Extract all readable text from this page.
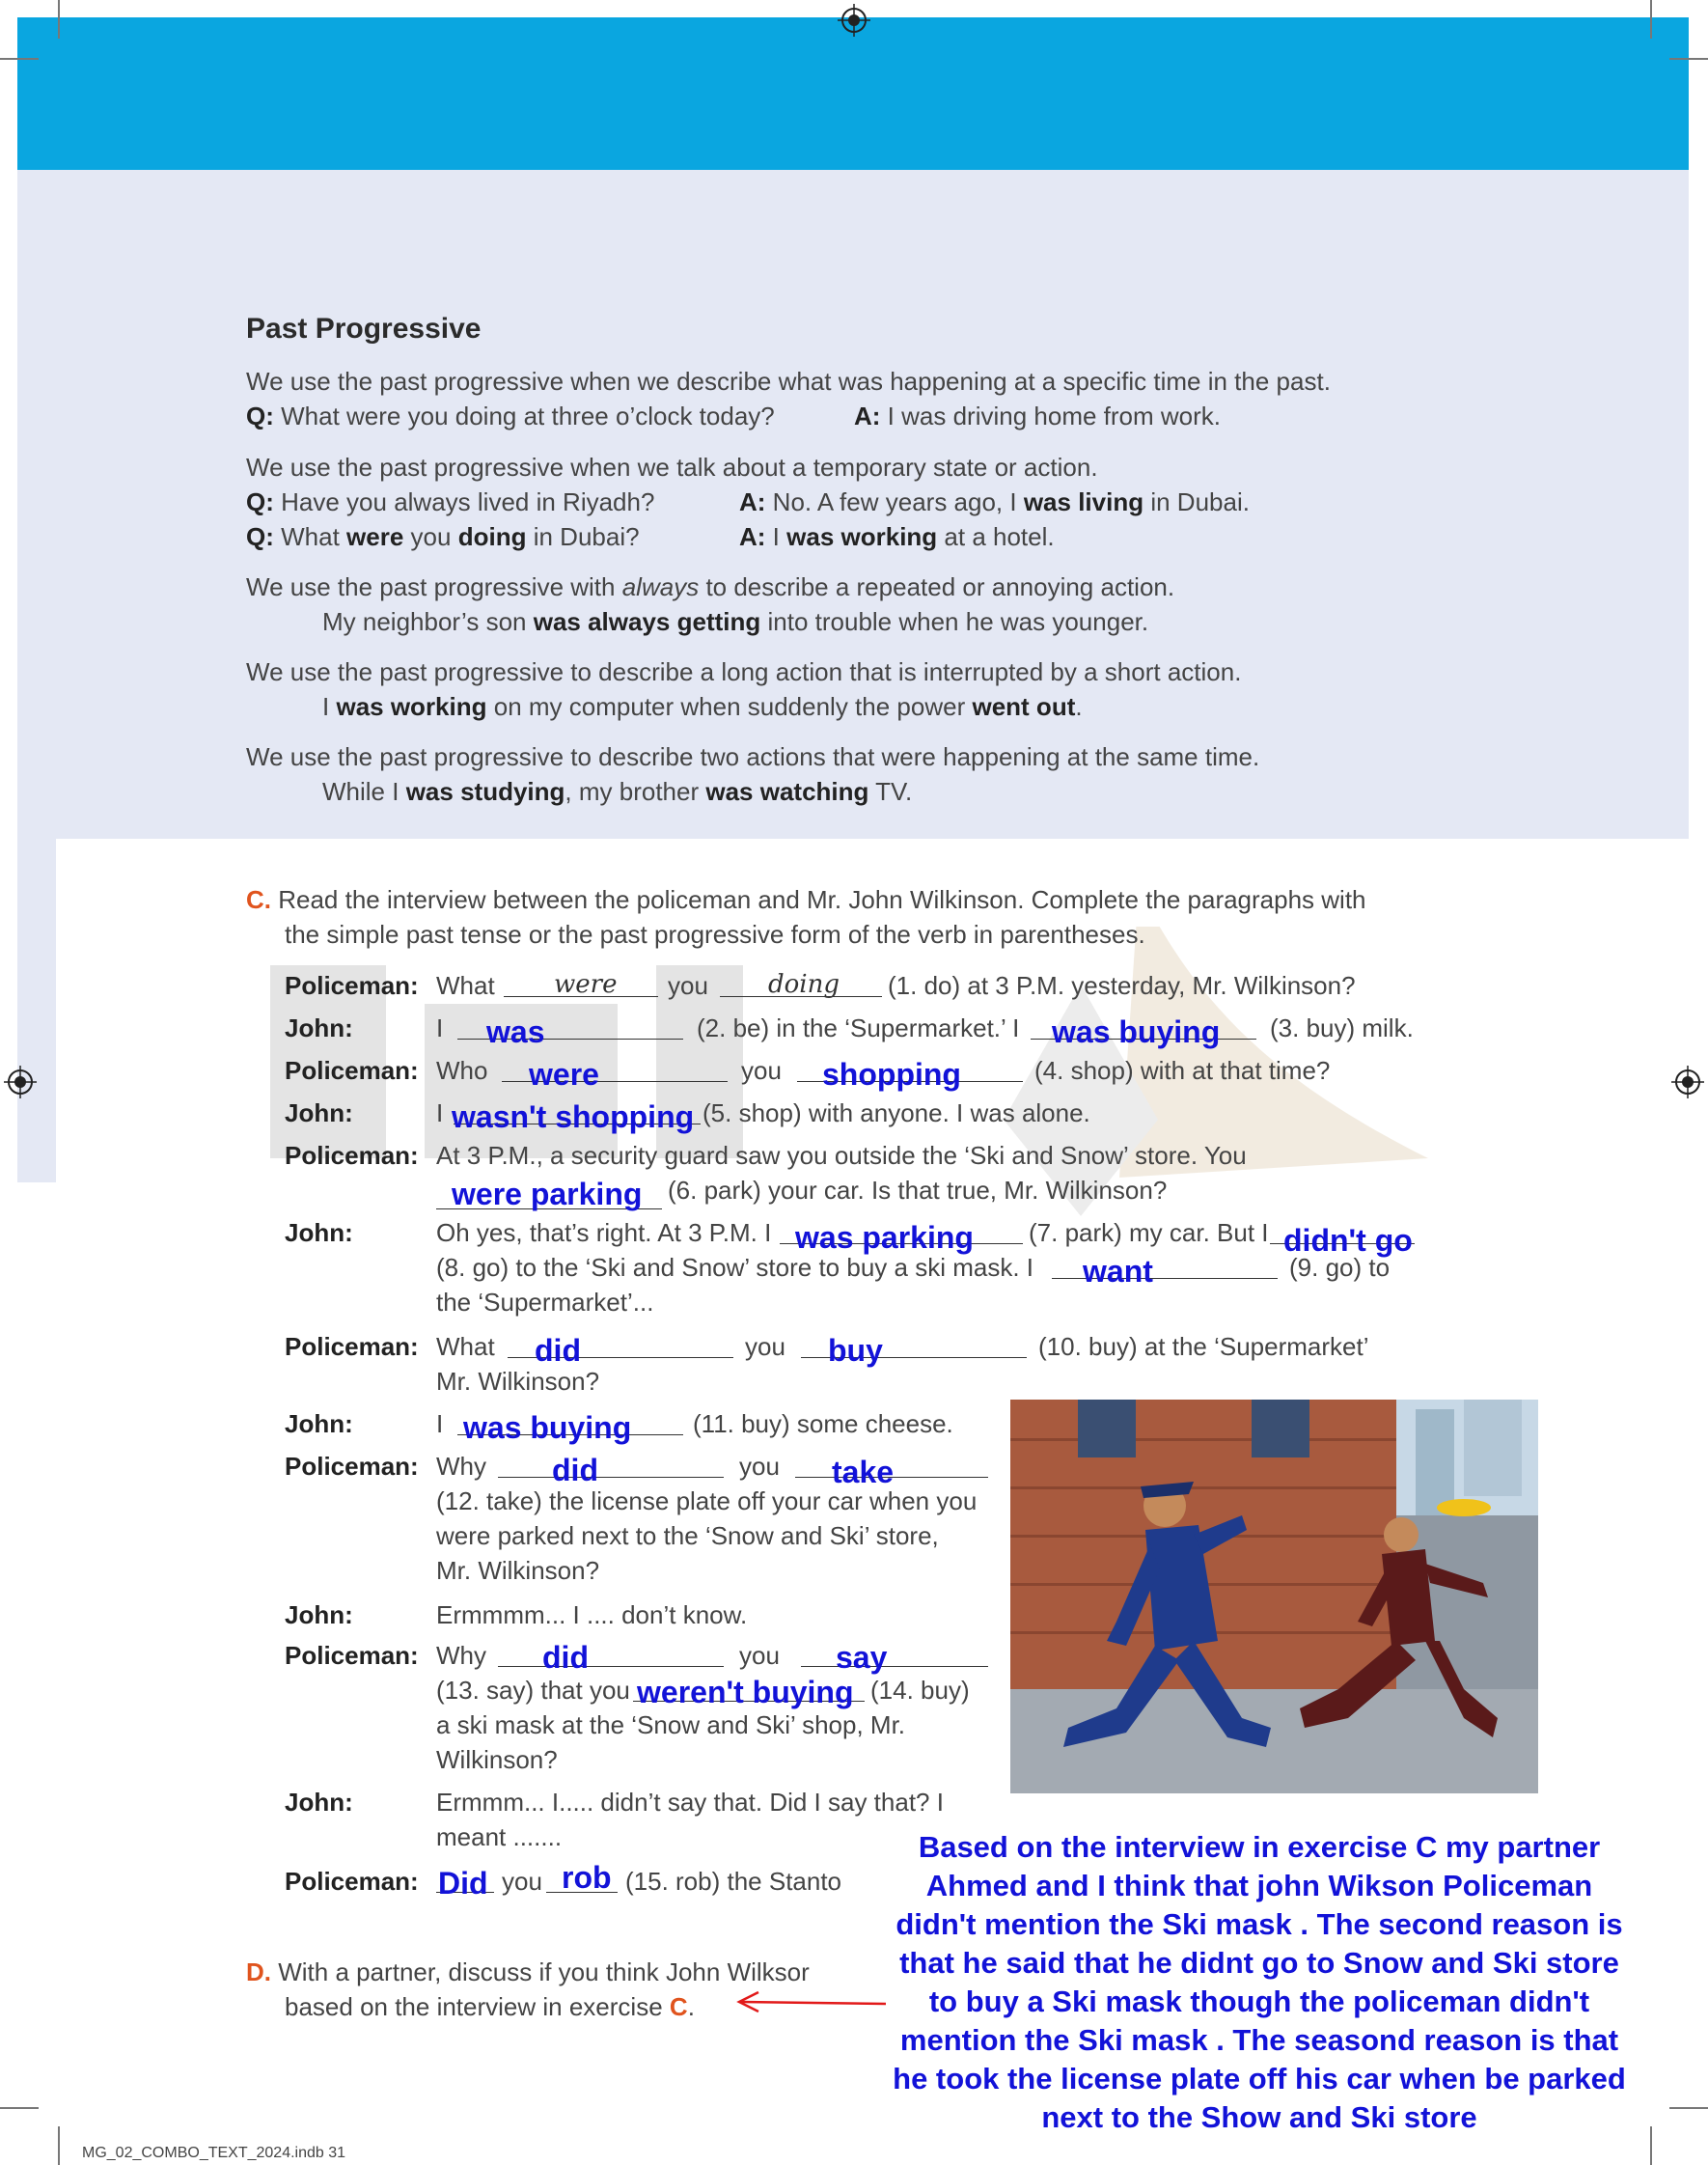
Past Progressive
We use the past progressive when we describe what was happening at a specific time in the past.
Q: What were you doing at three o’clock today?	A: I was driving home from work.
We use the past progressive when we talk about a temporary state or action.
Q: Have you always lived in Riyadh?	A: No. A few years ago, I was living in Dubai.
Q: What were you doing in Dubai?	A: I was working at a hotel.
We use the past progressive with always to describe a repeated or annoying action.
My neighbor’s son was always getting into trouble when he was younger.
We use the past progressive to describe a long action that is interrupted by a short action.
I was working on my computer when suddenly the power went out.
We use the past progressive to describe two actions that were happening at the same time.
While I was studying, my brother was watching TV.
C. Read the interview between the policeman and Mr. John Wilkinson. Complete the paragraphs with
the simple past tense or the past progressive form of the verb in parentheses.
Policeman: What were you doing (1. do) at 3 P.M. yesterday, Mr. Wilkinson?
John:	I was	(2. be) in the ‘Supermarket.’ I was buying (3. buy) milk.
Policeman: Who were	you shopping	(4. shop) with at that time?
John:	I wasn't shopping (5. shop) with anyone. I was alone.
Policeman: At 3 P.M., a security guard saw you outside the ‘Ski and Snow’ store. You
were parking (6. park) your car. Is that true, Mr. Wilkinson?
John:	Oh yes, that’s right. At 3 P.M. I was parking (7. park) my car. But I didn't go
(8. go) to the ‘Ski and Snow’ store to buy a ski mask. I want	(9. go) to
the ‘Supermarket’...
Policeman: What did	you buy	(10. buy) at the ‘Supermarket’
Mr. Wilkinson?
John:	I was buying (11. buy) some cheese.
Policeman: Why did	you take
(12. take) the license plate off your car when you
were parked next to the ‘Snow and Ski’ store,
Mr. Wilkinson?
John:	Ermmmm... I .... don’t know.
Policeman: Why did	you say
(13. say) that you weren't buying (14. buy)
a ski mask at the ‘Snow and Ski’ shop, Mr.
Wilkinson?
John:	Ermmm... I..... didn’t say that. Did I say that? I
meant .......
Policeman: Did you rob (15. rob) the Stanto
D. With a partner, discuss if you think John Wilksor
based on the interview in exercise C.
Based on the interview in exercise C my partner
Ahmed and I think that john Wikson Policeman
didn't mention the Ski mask . The second reason is
that he said that he didnt go to Snow and Ski store
to buy a Ski mask though the policeman didn't
mention the Ski mask . The seasond reason is that
he took the license plate off his car when be parked
next to the Show and Ski store
MG_02_COMBO_TEXT_2024.indb 31
